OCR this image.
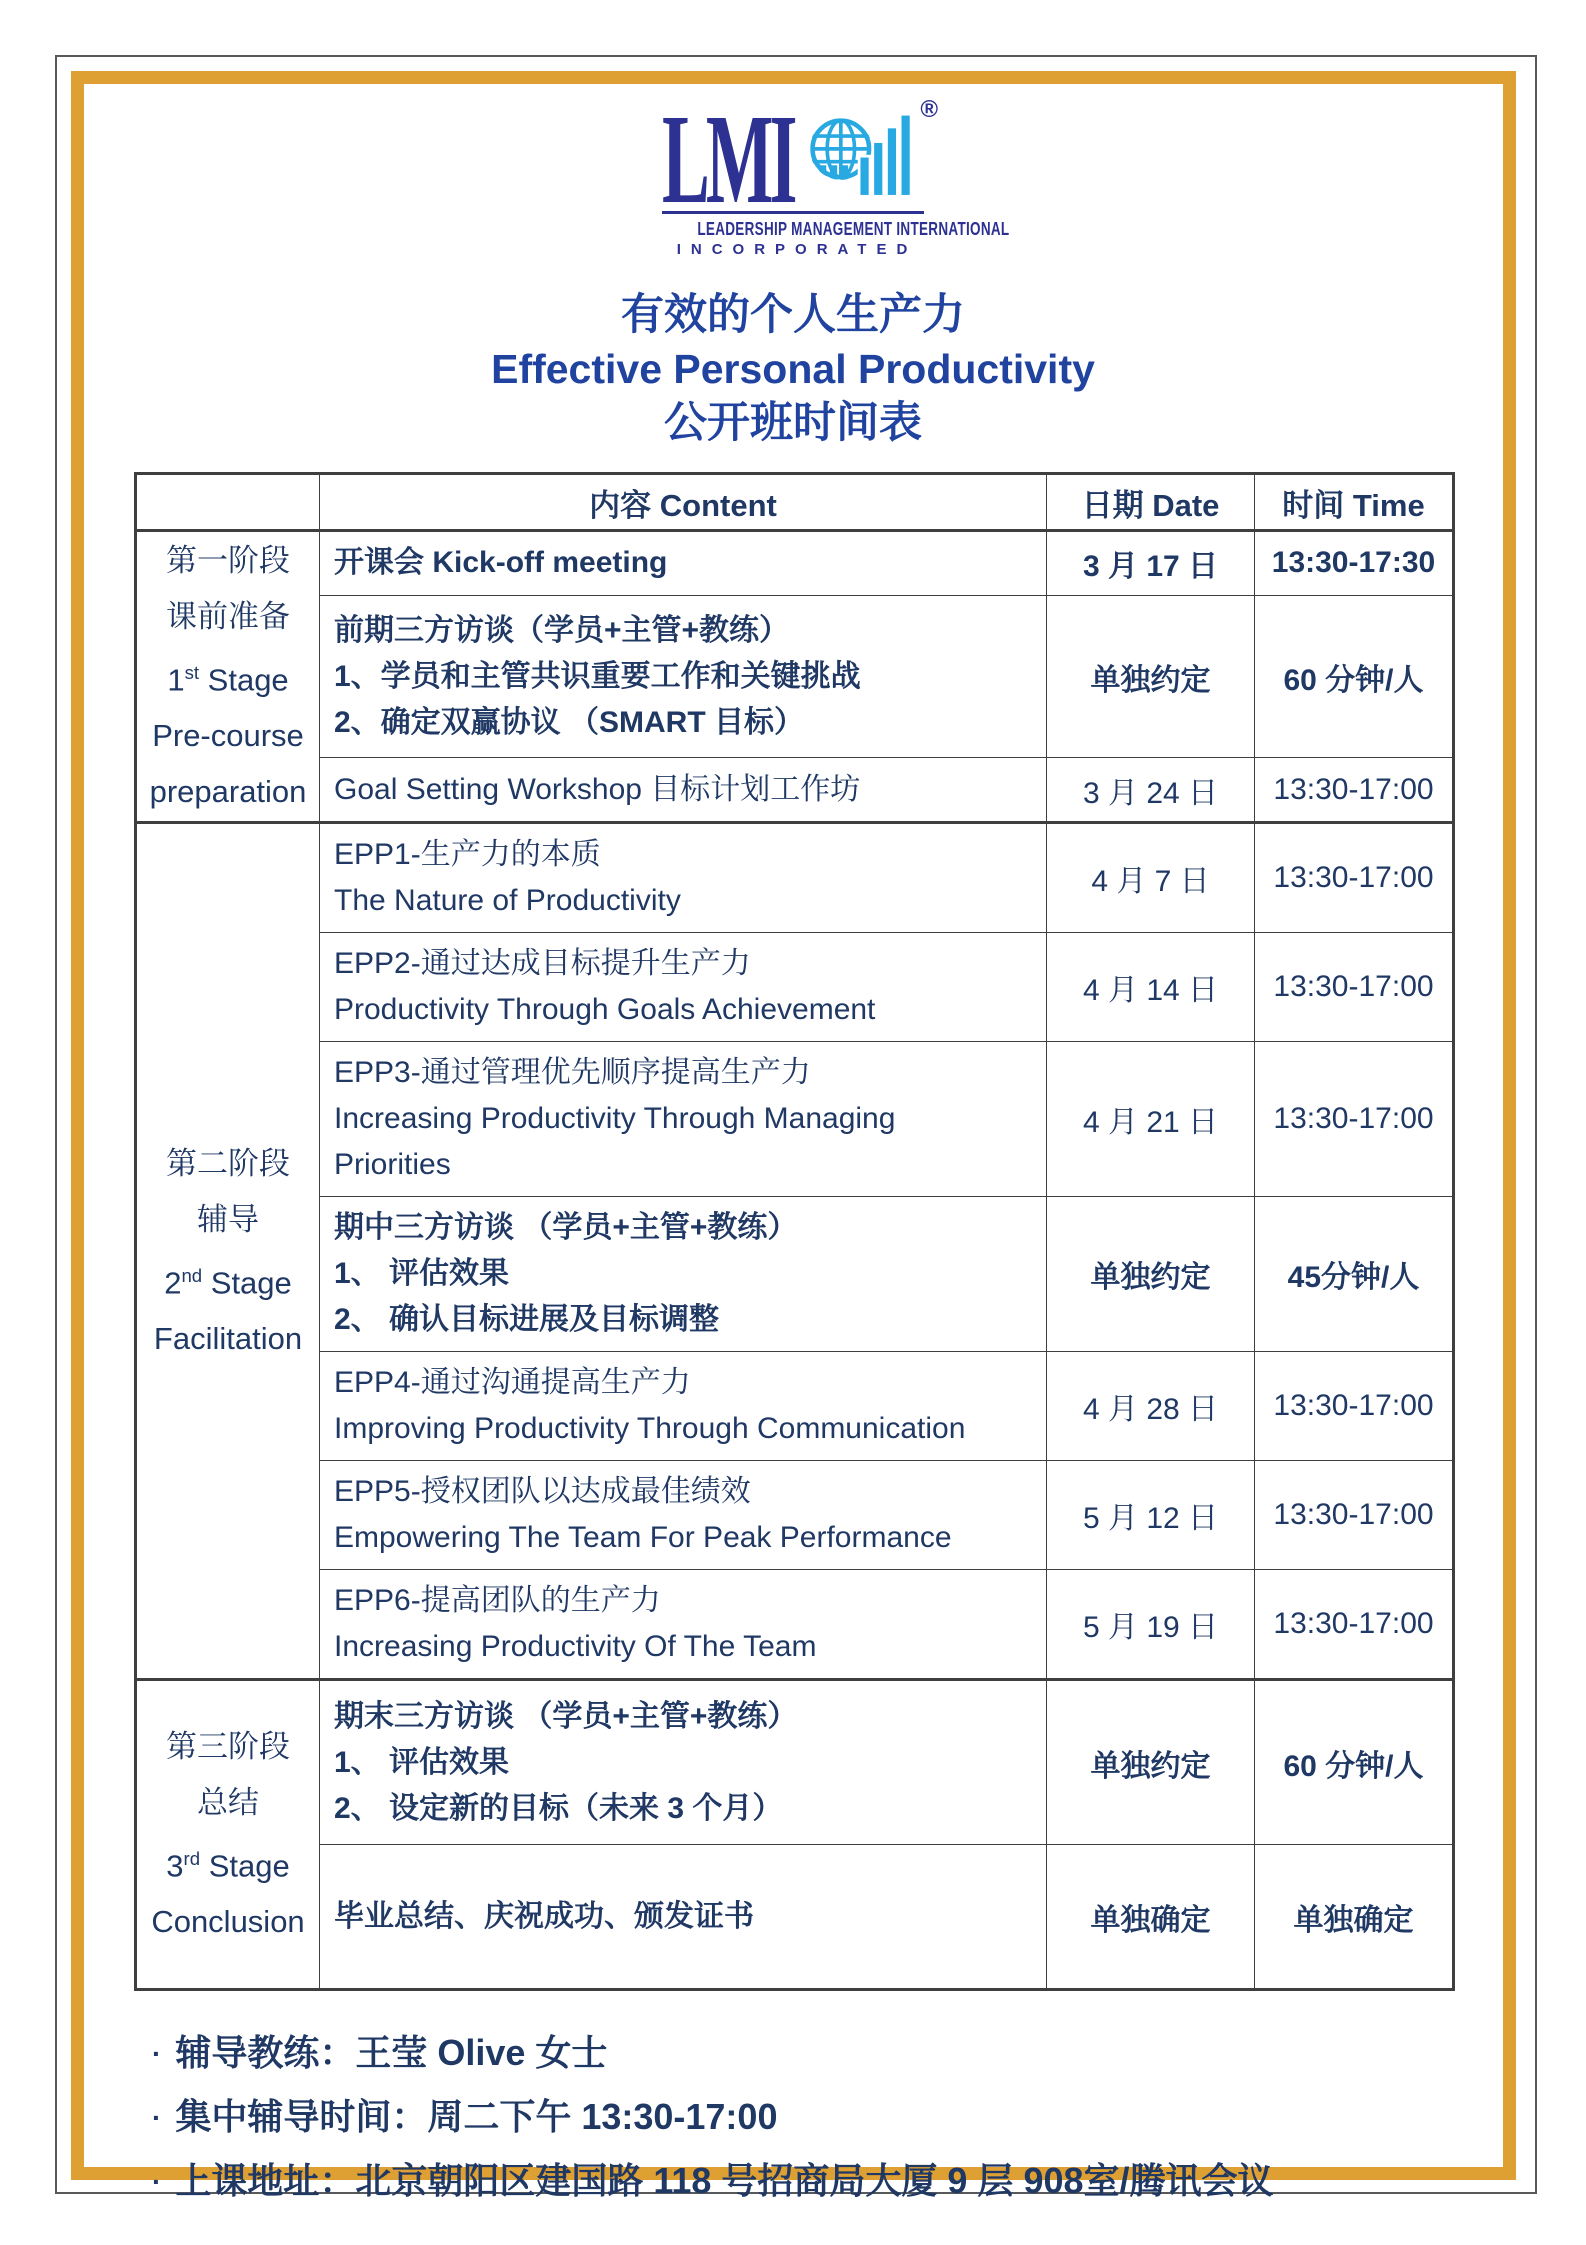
LMI	®
LEADERSHIP MANAGEMENT INTERNATIONAL
INCORPORATED
有效的个人生产力
Effective Personal Productivity
公开班时间表
	内容 Content	日期 Date	时间 Time

第一阶段
课前准备
1st Stage
Pre-course
preparation	开课会 Kick-off meeting	3 月 17 日	13:30-17:30

	前期三方访谈（学员+主管+教练）
1、学员和主管共识重要工作和关键挑战
2、确定双赢协议 （SMART 目标）	单独约定	60 分钟/人

	Goal Setting Workshop 目标计划工作坊	3 月 24 日	13:30-17:00

第二阶段
辅导
2nd Stage
Facilitation

EPP1-生产力的本质
The Nature of Productivity
	4 月 7 日	13:30-17:00

	EPP2-通过达成目标提升生产力
Productivity Through Goals Achievement	4 月 14 日	13:30-17:00

	EPP3-通过管理优先顺序提高生产力
Increasing Productivity Through Managing
Priorities	4 月 21 日	13:30-17:00

	期中三方访谈 （学员+主管+教练）
1、 评估效果
2、 确认目标进展及目标调整	单独约定	45分钟/人

	EPP4-通过沟通提高生产力
Improving Productivity Through Communication	4 月 28 日	13:30-17:00

	EPP5-授权团队以达成最佳绩效
Empowering The Team For Peak Performance	5 月 12 日	13:30-17:00

	EPP6-提高团队的生产力
Increasing Productivity Of The Team	5 月 19 日	13:30-17:00

第三阶段
总结
3rd Stage
Conclusion

期末三方访谈 （学员+主管+教练）
1、 评估效果
2、 设定新的目标（未来 3 个月）
	单独约定	60 分钟/人

	毕业总结、庆祝成功、颁发证书	单独确定	单独确定
· 辅导教练：王莹 Olive 女士
· 集中辅导时间：周二下午 13:30-17:00
· 上课地址：北京朝阳区建国路 118 号招商局大厦 9 层 908室/腾讯会议
